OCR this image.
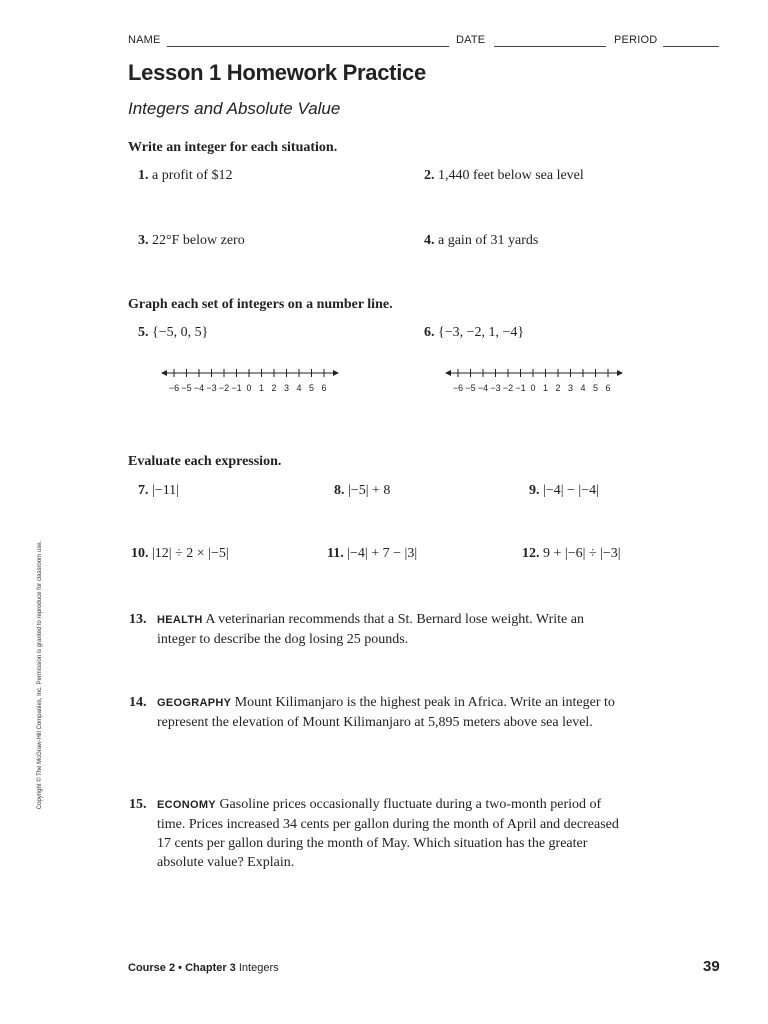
NAME	DATE	PERIOD
Lesson 1 Homework Practice
Integers and Absolute Value
Write an integer for each situation.
1. a profit of $12	2. 1,440 feet below sea level
3. 22°F below zero	4. a gain of 31 yards
Graph each set of integers on a number line.
5. {−5, 0, 5}	6. {−3, −2, 1, −4}
−6 −5 −4 −3 −2 −1 0 1 2 3 4 5 6	−6 −5 −4 −3 −2 −1 0 1 2 3 4 5 6
Evaluate each expression.
7. |−11|	8. |−5| + 8	9. |−4| − |−4|
10. |12| ÷ 2 × |−5|	11. |−4| + 7 − |3|	12. 9 + |−6| ÷ |−3|
13. HEALTH A veterinarian recommends that a St. Bernard lose weight. Write an integer to describe the dog losing 25 pounds.
14. GEOGRAPHY Mount Kilimanjaro is the highest peak in Africa. Write an integer to represent the elevation of Mount Kilimanjaro at 5,895 meters above sea level.
15. ECONOMY Gasoline prices occasionally fluctuate during a two-month period of time. Prices increased 34 cents per gallon during the month of April and decreased 17 cents per gallon during the month of May. Which situation has the greater absolute value? Explain.
Copyright © The McGraw-Hill Companies, Inc. Permission is granted to reproduce for classroom use.
Course 2 • Chapter 3 Integers	39
